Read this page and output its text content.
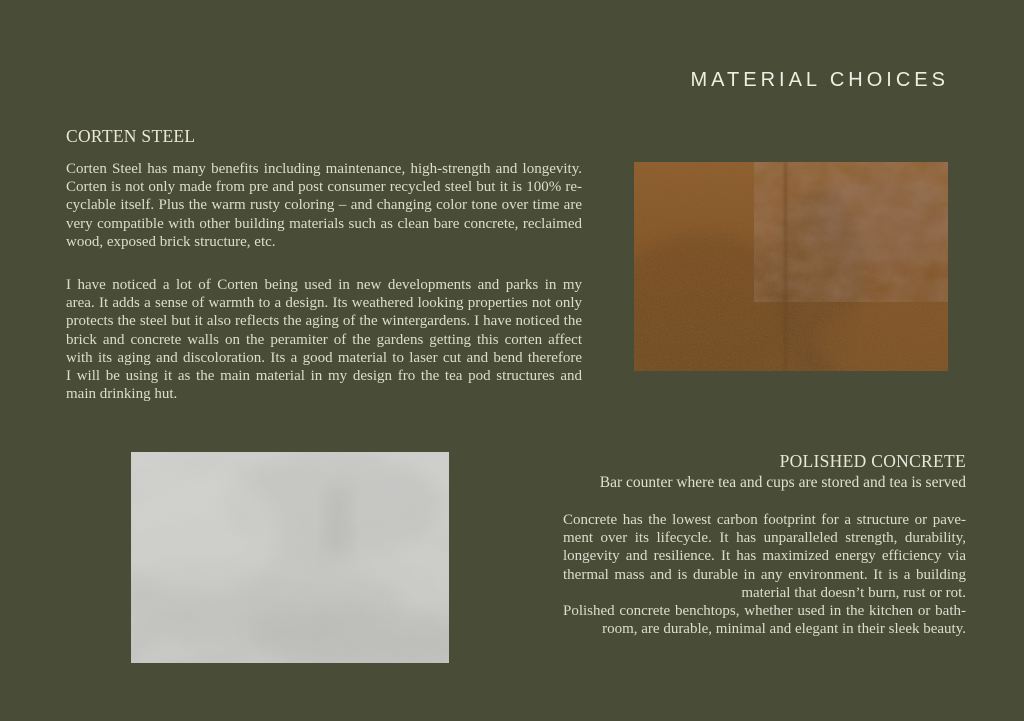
MATERIAL CHOICES
CORTEN STEEL
Corten Steel has many benefits including maintenance, high-strength and longevity.
Corten is not only made from pre and post consumer recycled steel but it is 100% re-
cyclable itself. Plus the warm rusty coloring – and changing color tone over time are
very compatible with other building materials such as clean bare concrete, reclaimed
wood, exposed brick structure, etc.
I have noticed a lot of Corten being used in new developments and parks in my
area. It adds a sense of warmth to a design. Its weathered looking properties not only
protects the steel but it also reflects the aging of the wintergardens. I have noticed the
brick and concrete walls on the peramiter of the gardens getting this corten affect
with its aging and discoloration. Its a good material to laser cut and bend therefore
I will be using it as the main material in my design fro the tea pod structures and
main drinking hut.
POLISHED CONCRETE
Bar counter where tea and cups are stored and tea is served
Concrete has the lowest carbon footprint for a structure or pave-
ment over its lifecycle. It has unparalleled strength, durability,
longevity and resilience. It has maximized energy efficiency via
thermal mass and is durable in any environment. It is a building
material that doesn’t burn, rust or rot.
Polished concrete benchtops, whether used in the kitchen or bath-
room, are durable, minimal and elegant in their sleek beauty.
